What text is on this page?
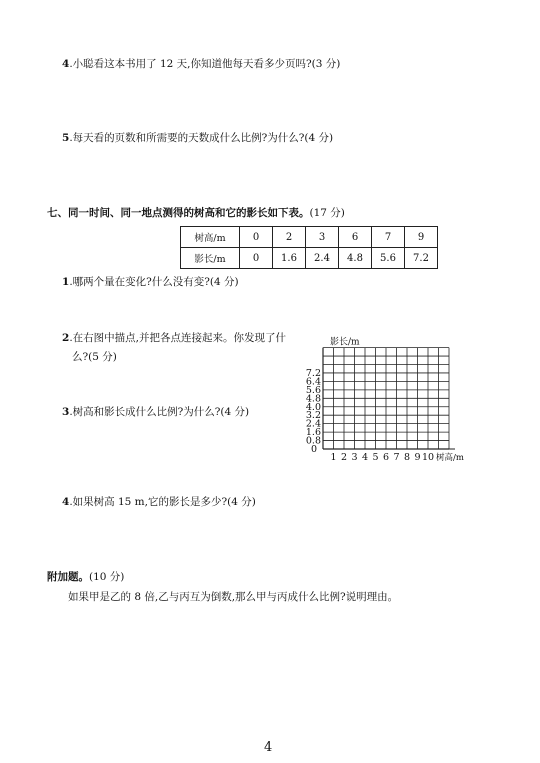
4.小聪看这本书用了 12 天,你知道他每天看多少页吗?(3 分)
5.每天看的页数和所需要的天数成什么比例?为什么?(4 分)
七、同一时间、同一地点测得的树高和它的影长如下表。(17 分)
树高/m	0	2	3	6	7	9
影长/m	0	1.6	2.4	4.8	5.6	7.2
1.哪两个量在变化?什么没有变?(4 分)
2.在右图中描点,并把各点连接起来。你发现了什
么?(5 分)
3.树高和影长成什么比例?为什么?(4 分)
4.如果树高 15 m,它的影长是多少?(4 分)
0
0.8
1.6
2.4
3.2
4.0
4.8
5.6
6.4
7.2
1 2 3 4 5 6 7 8 9 10
影长/m
树高/m
附加题。(10 分)
如果甲是乙的 8 倍,乙与丙互为倒数,那么甲与丙成什么比例?说明理由。
4
